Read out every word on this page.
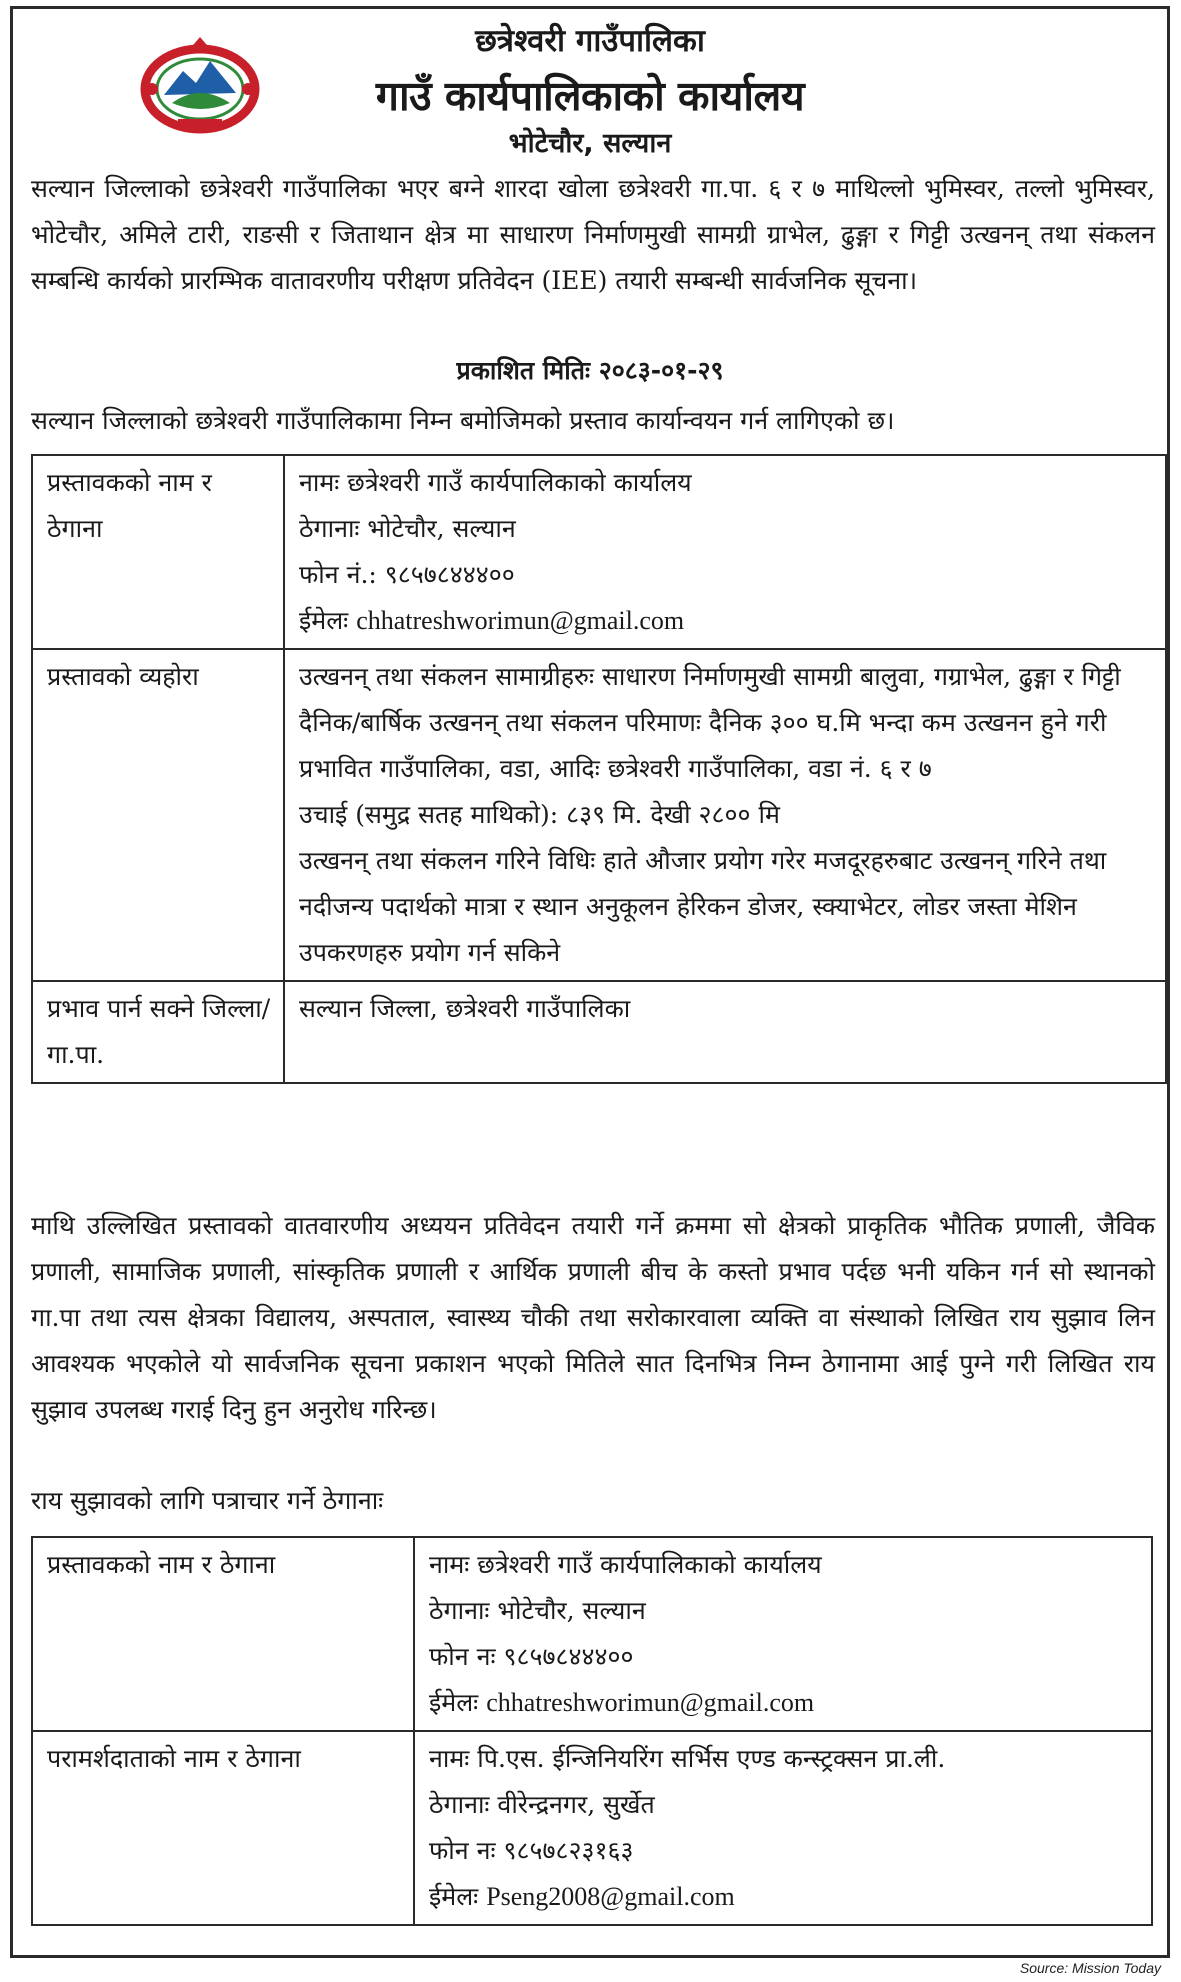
छत्रेश्वरी गाउँपालिका
गाउँ कार्यपालिकाको कार्यालय
भोटेचौर, सल्यान

सल्यान जिल्लाको छत्रेश्वरी गाउँपालिका भएर बग्ने शारदा खोला छत्रेश्वरी गा.पा. ६ र ७ माथिल्लो भुमिस्वर, तल्लो भुमिस्वर, भोटेचौर, अमिले टारी, राङसी र जिताथान क्षेत्र मा साधारण निर्माणमुखी सामग्री ग्राभेल, ढुङ्गा र गिट्टी उत्खनन् तथा संकलन सम्बन्धि कार्यको प्रारम्भिक वातावरणीय परीक्षण प्रतिवेदन (IEE) तयारी सम्बन्धी सार्वजनिक सूचना।

प्रकाशित मितिः २०८३-०१-२९
सल्यान जिल्लाको छत्रेश्वरी गाउँपालिकामा निम्न बमोजिमको प्रस्ताव कार्यान्वयन गर्न लागिएको छ।
प्रस्तावकको नाम र ठेगाना	नामः छत्रेश्वरी गाउँ कार्यपालिकाको कार्यालय
ठेगानाः भोटेचौर, सल्यान
फोन नं.: ९८५७८४४४००
ईमेलः chhatreshworimun@gmail.com

प्रस्तावको व्यहोरा	उत्खनन् तथा संकलन सामाग्रीहरुः साधारण निर्माणमुखी सामग्री बालुवा, गग्राभेल, ढुङ्गा र गिट्टी
दैनिक/बार्षिक उत्खनन् तथा संकलन परिमाणः दैनिक ३०० घ.मि भन्दा कम उत्खनन हुने गरी
प्रभावित गाउँपालिका, वडा, आदिः छत्रेश्वरी गाउँपालिका, वडा नं. ६ र ७
उचाई (समुद्र सतह माथिको): ८३९ मि. देखी २८०० मि
उत्खनन् तथा संकलन गरिने विधिः हाते औजार प्रयोग गरेर मजदूरहरुबाट उत्खनन् गरिने तथा नदीजन्य पदार्थको मात्रा र स्थान अनुकूलन हेरिकन डोजर, स्क्याभेटर, लोडर जस्ता मेशिन उपकरणहरु प्रयोग गर्न सकिने

प्रभाव पार्न सक्ने जिल्ला/ गा.पा.	सल्यान जिल्ला, छत्रेश्वरी गाउँपालिका

माथि उल्लिखित प्रस्तावको वातवारणीय अध्ययन प्रतिवेदन तयारी गर्ने क्रममा सो क्षेत्रको प्राकृतिक भौतिक प्रणाली, जैविक प्रणाली, सामाजिक प्रणाली, सांस्कृतिक प्रणाली र आर्थिक प्रणाली बीच के कस्तो प्रभाव पर्दछ भनी यकिन गर्न सो स्थानको गा.पा तथा त्यस क्षेत्रका विद्यालय, अस्पताल, स्वास्थ्य चौकी तथा सरोकारवाला व्यक्ति वा संस्थाको लिखित राय सुझाव लिन आवश्यक भएकोले यो सार्वजनिक सूचना प्रकाशन भएको मितिले सात दिनभित्र निम्न ठेगानामा आई पुग्ने गरी लिखित राय सुझाव उपलब्ध गराई दिनु हुन अनुरोध गरिन्छ।

राय सुझावको लागि पत्राचार गर्ने ठेगानाः
प्रस्तावकको नाम र ठेगाना	नामः छत्रेश्वरी गाउँ कार्यपालिकाको कार्यालय
ठेगानाः भोटेचौर, सल्यान
फोन नः ९८५७८४४४००
ईमेलः chhatreshworimun@gmail.com

परामर्शदाताको नाम र ठेगाना	नामः पि.एस. ईन्जिनियरिंग सर्भिस एण्ड कन्स्ट्रक्सन प्रा.ली.
ठेगानाः वीरेन्द्रनगर, सुर्खेत
फोन नः ९८५७८२३१६३
ईमेलः Pseng2008@gmail.com
Source: Mission Today
